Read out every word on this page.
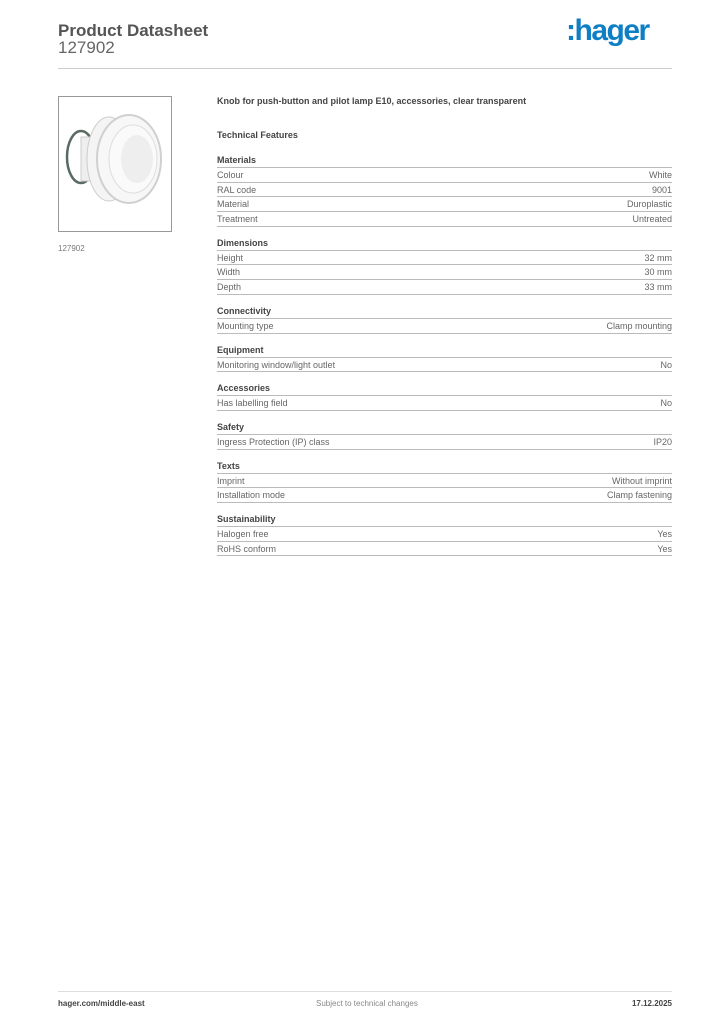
Product Datasheet
127902
:hager
127902
Knob for push-button and pilot lamp E10, accessories, clear transparent
Technical Features
Materials
Colour	White
RAL code	9001
Material	Duroplastic
Treatment	Untreated
Dimensions
Height	32 mm
Width	30 mm
Depth	33 mm
Connectivity
Mounting type	Clamp mounting
Equipment
Monitoring window/light outlet	No
Accessories
Has labelling field	No
Safety
Ingress Protection (IP) class	IP20
Texts
Imprint	Without imprint
Installation mode	Clamp fastening
Sustainability
Halogen free	Yes
RoHS conform	Yes
hager.com/middle-east	Subject to technical changes	17.12.2025
